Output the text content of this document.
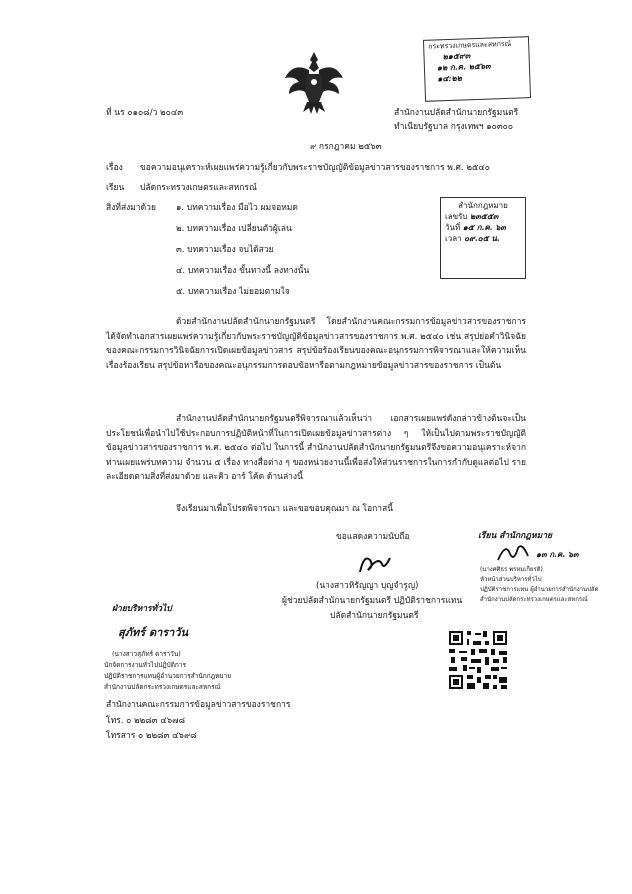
กระทรวงเกษตรและสหกรณ์
๒๑๕๙๓
๑๒ ก.ค. ๒๕๖๓
๑๔:๒๒
ที่ นร ๐๑๐๘/ว ๒๐๔๓	สำนักงานปลัดสำนักนายกรัฐมนตรี
ทำเนียบรัฐบาล กรุงเทพฯ ๑๐๓๐๐
๙ กรกฎาคม ๒๕๖๓
เรื่อง ขอความอนุเคราะห์เผยแพร่ความรู้เกี่ยวกับพระราชบัญญัติข้อมูลข่าวสารของราชการ พ.ศ. ๒๕๔๐
เรียน ปลัดกระทรวงเกษตรและสหกรณ์
สิ่งที่ส่งมาด้วย ๑. บทความเรื่อง มือไว ผมจอหมด
๒. บทความเรื่อง เปลี่ยนตัวผู้เล่น
๓. บทความเรื่อง จบได้สวย
๔. บทความเรื่อง ขั้นทางนี้ ลงทางนั้น
๕. บทความเรื่อง ไม่ยอมตามใจ
สำนักกฎหมาย
เลขรับ ๒๓๕๕๓
วันที่ ๑๕ ก.ค. ๖๓
เวลา ๐๙.๐๕ น.
ด้วยสำนักงานปลัดสำนักนายกรัฐมนตรี โดยสำนักงานคณะกรรมการข้อมูลข่าวสารของราชการ ได้จัดทำเอกสารเผยแพร่ความรู้เกี่ยวกับพระราชบัญญัติข้อมูลข่าวสารของราชการ พ.ศ. ๒๕๔๐ เช่น สรุปย่อคำวินิจฉัยของคณะกรรมการวินิจฉัยการเปิดเผยข้อมูลข่าวสาร สรุปข้อร้องเรียนของคณะอนุกรรมการพิจารณาและให้ความเห็นเรื่องร้องเรียน สรุปข้อหารือของคณะอนุกรรมการตอบข้อหารือตามกฎหมายข้อมูลข่าวสารของราชการ เป็นต้น
สำนักงานปลัดสำนักนายกรัฐมนตรีพิจารณาแล้วเห็นว่า เอกสารเผยแพร่ดังกล่าวข้างต้นจะเป็นประโยชน์เพื่อนำไปใช้ประกอบการปฏิบัติหน้าที่ในการเปิดเผยข้อมูลข่าวสารต่าง ๆ ให้เป็นไปตามพระราชบัญญัติข้อมูลข่าวสารของราชการ พ.ศ. ๒๕๔๐ ต่อไป ในการนี้ สำนักงานปลัดสำนักนายกรัฐมนตรีจึงขอความอนุเคราะห์จากท่านเผยแพร่บทความ จำนวน ๕ เรื่อง ทางสื่อต่าง ๆ ของหน่วยงานนี้เพื่อส่งให้ส่วนราชการในการกำกับดูแลต่อไป รายละเอียดตามสิ่งที่ส่งมาด้วย และคิว อาร์ โค้ด ด้านล่างนี้
จึงเรียนมาเพื่อโปรดพิจารณา และขอขอบคุณมา ณ โอกาสนี้
ขอแสดงความนับถือ
(นางสาวหิรัญญา บุญจำรูญ)
ผู้ช่วยปลัดสำนักนายกรัฐมนตรี ปฏิบัติราชการแทน
ปลัดสำนักนายกรัฐมนตรี
เรียน สำนักกฎหมาย
๑๓ ก.ค. ๖๓
(นางศศิธร พรหมเกียรติ)
หัวหน้าส่วนบริหารทั่วไป
ปฏิบัติราชการแทน ผู้อำนวยการสำนักงานปลัด
สำนักงานปลัดกระทรวงเกษตรและสหกรณ์
ฝ่ายบริหารทั่วไป
สุภัทร์ ดาราวัน
(นางสาวสุภัทร์ ดาราวัน)
นักจัดการงานทั่วไปปฏิบัติการ
ปฏิบัติราชการแทนผู้อำนวยการสำนักกฎหมาย
สำนักงานปลัดกระทรวงเกษตรและสหกรณ์
สำนักงานคณะกรรมการข้อมูลข่าวสารของราชการ
โทร. ๐ ๒๒๘๓ ๔๖๗๘
โทรสาร ๐ ๒๒๘๓ ๔๖๙๘
